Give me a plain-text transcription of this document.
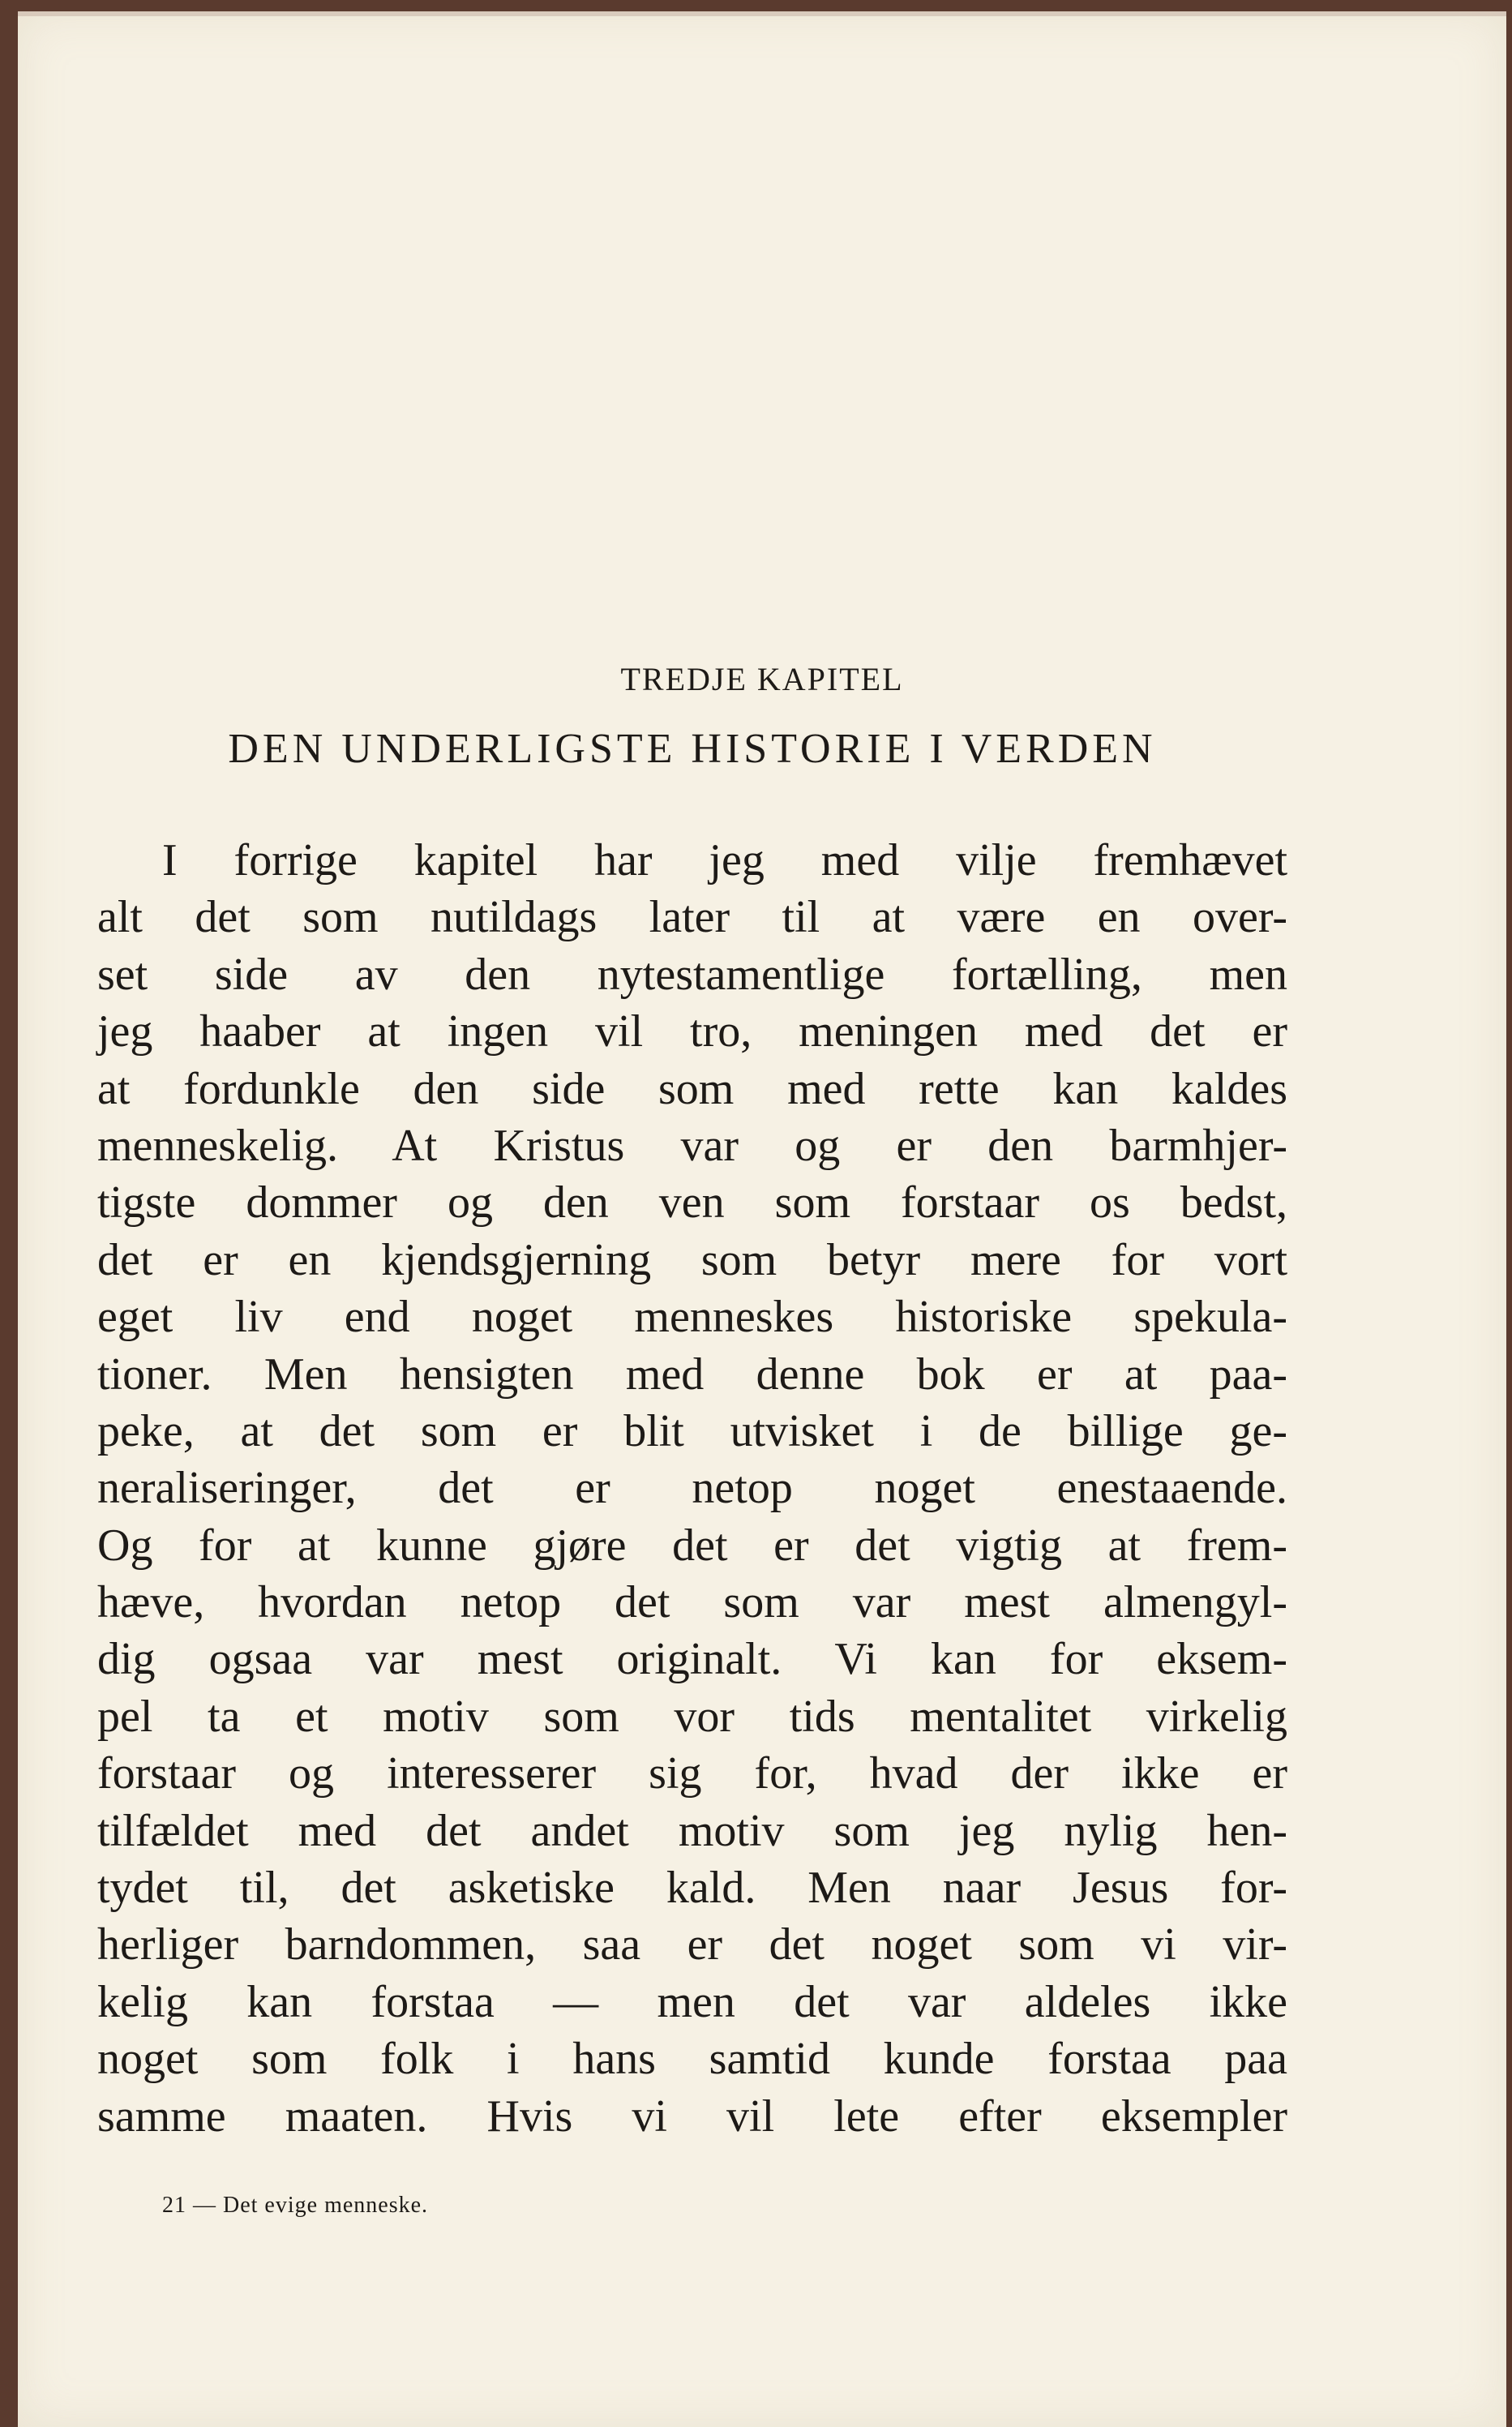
TREDJE KAPITEL
DEN UNDERLIGSTE HISTORIE I VERDEN
I forrige kapitel har jeg med vilje fremhævet
alt det som nutildags later til at være en over-
set side av den nytestamentlige fortælling, men
jeg haaber at ingen vil tro, meningen med det er
at fordunkle den side som med rette kan kaldes
menneskelig. At Kristus var og er den barmhjer-
tigste dommer og den ven som forstaar os bedst,
det er en kjendsgjerning som betyr mere for vort
eget liv end noget menneskes historiske spekula-
tioner. Men hensigten med denne bok er at paa-
peke, at det som er blit utvisket i de billige ge-
neraliseringer, det er netop noget enestaaende.
Og for at kunne gjøre det er det vigtig at frem-
hæve, hvordan netop det som var mest almengyl-
dig ogsaa var mest originalt. Vi kan for eksem-
pel ta et motiv som vor tids mentalitet virkelig
forstaar og interesserer sig for, hvad der ikke er
tilfældet med det andet motiv som jeg nylig hen-
tydet til, det asketiske kald. Men naar Jesus for-
herliger barndommen, saa er det noget som vi vir-
kelig kan forstaa — men det var aldeles ikke
noget som folk i hans samtid kunde forstaa paa
samme maaten. Hvis vi vil lete efter eksempler
21 — Det evige menneske.
